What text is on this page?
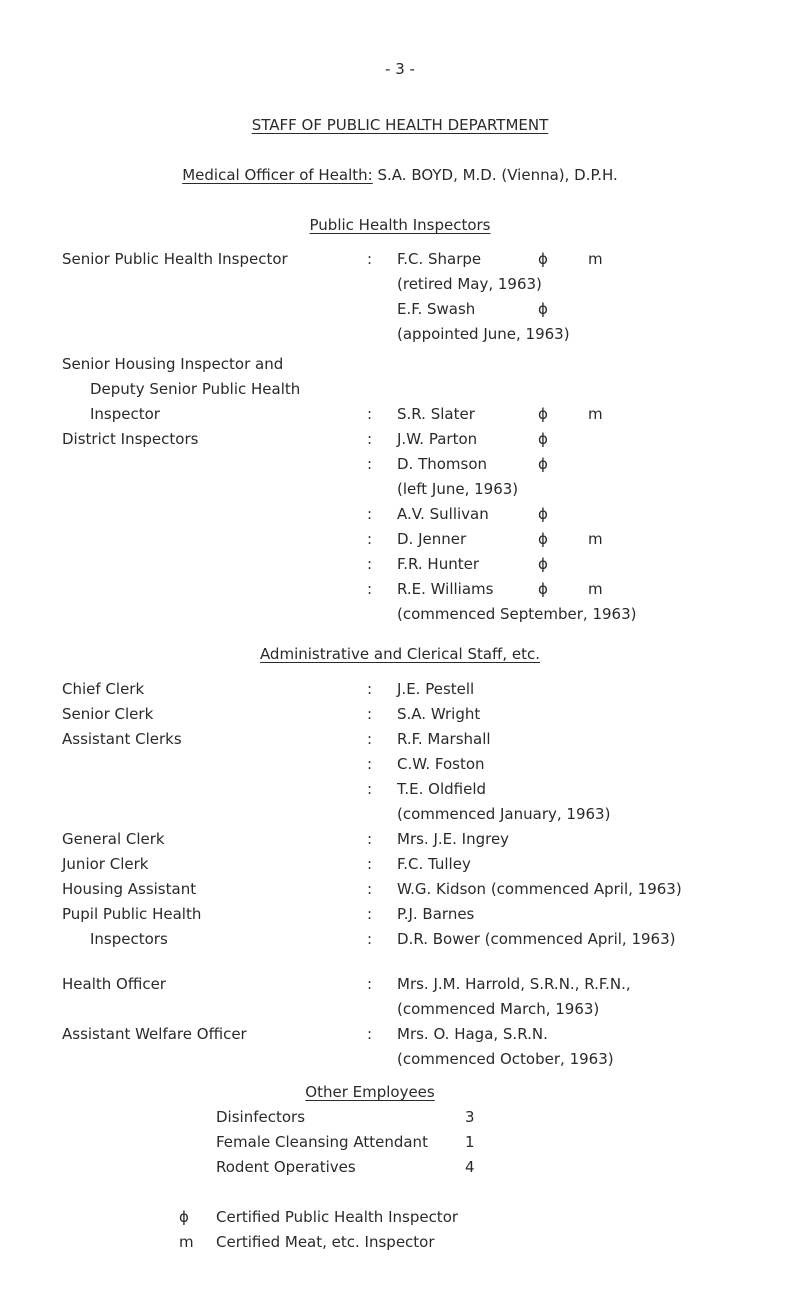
- 3 -
STAFF OF PUBLIC HEALTH DEPARTMENT
Medical Officer of Health: S.A. BOYD, M.D. (Vienna), D.P.H.
Public Health Inspectors
Senior Public Health Inspector	: F.C. Sharpe	ϕ	m
(retired May, 1963)
E.F. Swash	ϕ
(appointed June, 1963)
Senior Housing Inspector and
Deputy Senior Public Health
Inspector	: S.R. Slater	ϕ	m
District Inspectors	: J.W. Parton	ϕ
: D. Thomson	ϕ
(left June, 1963)
: A.V. Sullivan	ϕ
: D. Jenner	ϕ	m
: F.R. Hunter	ϕ
: R.E. Williams	ϕ	m
(commenced September, 1963)
Administrative and Clerical Staff, etc.
Chief Clerk	: J.E. Pestell
Senior Clerk	: S.A. Wright
Assistant Clerks	: R.F. Marshall
: C.W. Foston
: T.E. Oldfield
(commenced January, 1963)
General Clerk	: Mrs. J.E. Ingrey
Junior Clerk	: F.C. Tulley
Housing Assistant	: W.G. Kidson (commenced April, 1963)
Pupil Public Health	: P.J. Barnes
Inspectors	: D.R. Bower (commenced April, 1963)
Health Officer	: Mrs. J.M. Harrold, S.R.N., R.F.N.,
(commenced March, 1963)
Assistant Welfare Officer	: Mrs. O. Haga, S.R.N.
(commenced October, 1963)
Other Employees
Disinfectors	3
Female Cleansing Attendant 1
Rodent Operatives	4
ϕ Certified Public Health Inspector
m Certified Meat, etc. Inspector
